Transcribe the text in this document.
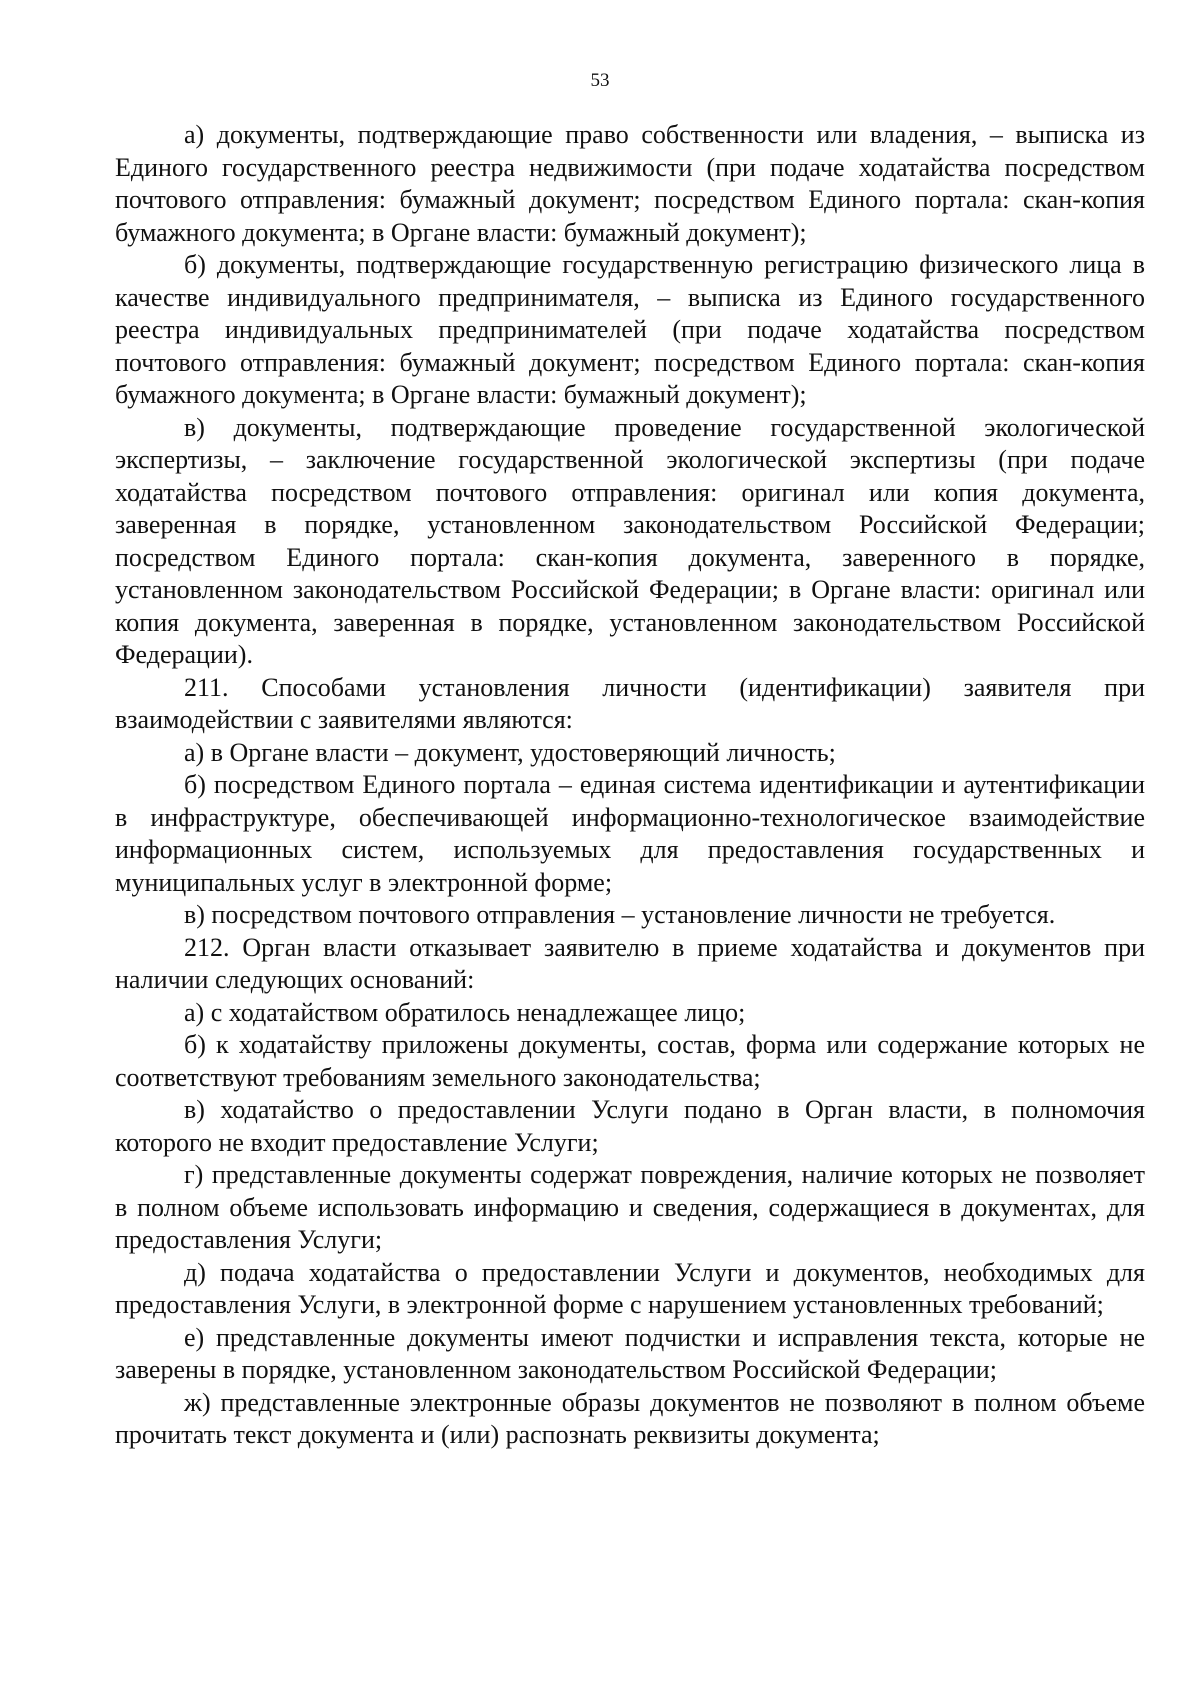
53

а) документы, подтверждающие право собственности или владения, – выписка из Единого государственного реестра недвижимости (при подаче ходатайства посредством почтового отправления: бумажный документ; посредством Единого портала: скан-копия бумажного документа; в Органе власти: бумажный документ);

б) документы, подтверждающие государственную регистрацию физического лица в качестве индивидуального предпринимателя, – выписка из Единого государственного реестра индивидуальных предпринимателей (при подаче ходатайства посредством почтового отправления: бумажный документ; посредством Единого портала: скан-копия бумажного документа; в Органе власти: бумажный документ);

в) документы, подтверждающие проведение государственной экологической экспертизы, – заключение государственной экологической экспертизы (при подаче ходатайства посредством почтового отправления: оригинал или копия документа, заверенная в порядке, установленном законодательством Российской Федерации; посредством Единого портала: скан-копия документа, заверенного в порядке, установленном законодательством Российской Федерации; в Органе власти: оригинал или копия документа, заверенная в порядке, установленном законодательством Российской Федерации).

211. Способами установления личности (идентификации) заявителя при взаимодействии с заявителями являются:

а) в Органе власти – документ, удостоверяющий личность;

б) посредством Единого портала – единая система идентификации и аутентификации в инфраструктуре, обеспечивающей информационно-технологическое взаимодействие информационных систем, используемых для предоставления государственных и муниципальных услуг в электронной форме;

в) посредством почтового отправления – установление личности не требуется.

212. Орган власти отказывает заявителю в приеме ходатайства и документов при наличии следующих оснований:

а) с ходатайством обратилось ненадлежащее лицо;

б) к ходатайству приложены документы, состав, форма или содержание которых не соответствуют требованиям земельного законодательства;

в) ходатайство о предоставлении Услуги подано в Орган власти, в полномочия которого не входит предоставление Услуги;

г) представленные документы содержат повреждения, наличие которых не позволяет в полном объеме использовать информацию и сведения, содержащиеся в документах, для предоставления Услуги;

д) подача ходатайства о предоставлении Услуги и документов, необходимых для предоставления Услуги, в электронной форме с нарушением установленных требований;

е) представленные документы имеют подчистки и исправления текста, которые не заверены в порядке, установленном законодательством Российской Федерации;

ж) представленные электронные образы документов не позволяют в полном объеме прочитать текст документа и (или) распознать реквизиты документа;
